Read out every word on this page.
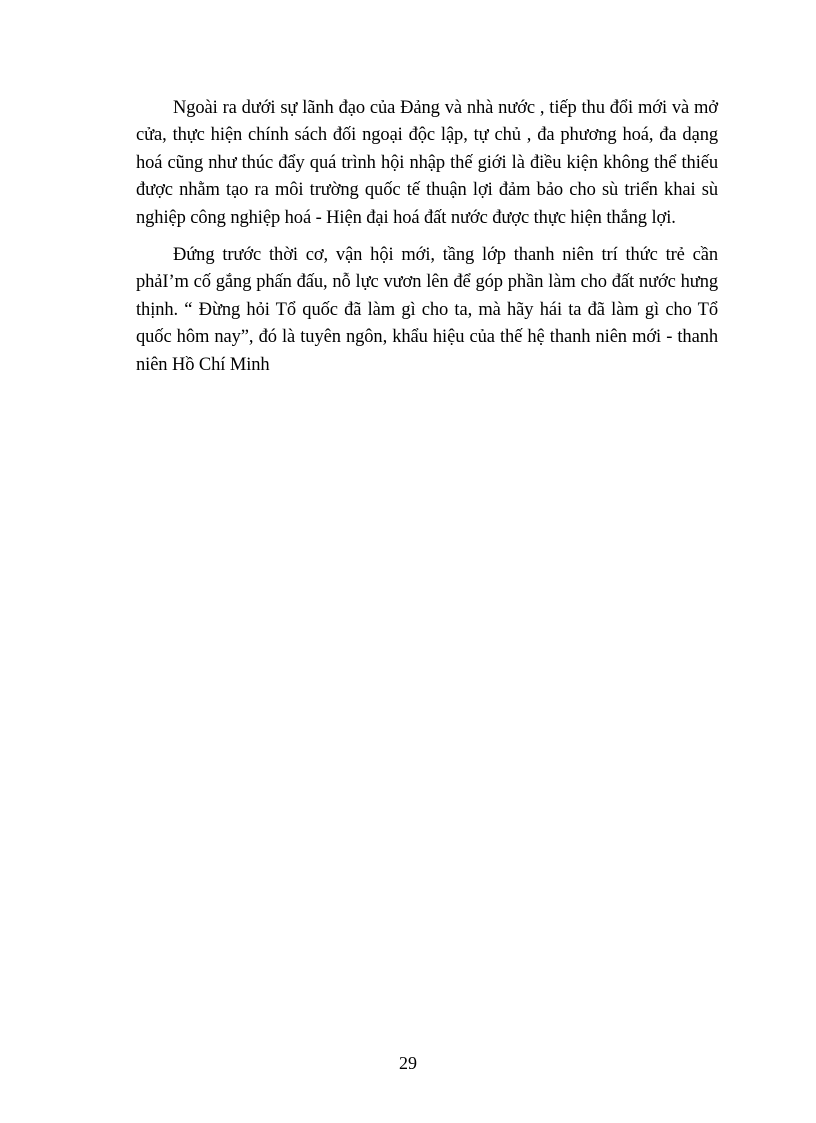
Ngoài ra dưới sự lãnh đạo của Đảng và nhà nước , tiếp thu đổi mới và mở cửa, thực hiện chính sách đối ngoại độc lập, tự chủ , đa phương hoá, đa dạng hoá cũng như thúc đẩy quá trình hội nhập thế giới là điều kiện không thể thiếu được nhằm tạo ra môi trường quốc tế thuận lợi đảm bảo cho sù triển khai sù nghiệp công nghiệp hoá - Hiện đại hoá đất nước được thực hiện thắng lợi.

Đứng trước thời cơ, vận hội mới, tầng lớp thanh niên trí thức trẻ cần phảI’m cố gắng phấn đấu, nỗ lực vươn lên để góp phần làm cho đất nước hưng thịnh. “ Đừng hỏi Tổ quốc đã làm gì cho ta, mà hãy hái ta đã làm gì cho Tổ quốc hôm nay”, đó là tuyên ngôn, khẩu hiệu của thế hệ thanh niên mới - thanh niên Hồ Chí Minh

29
